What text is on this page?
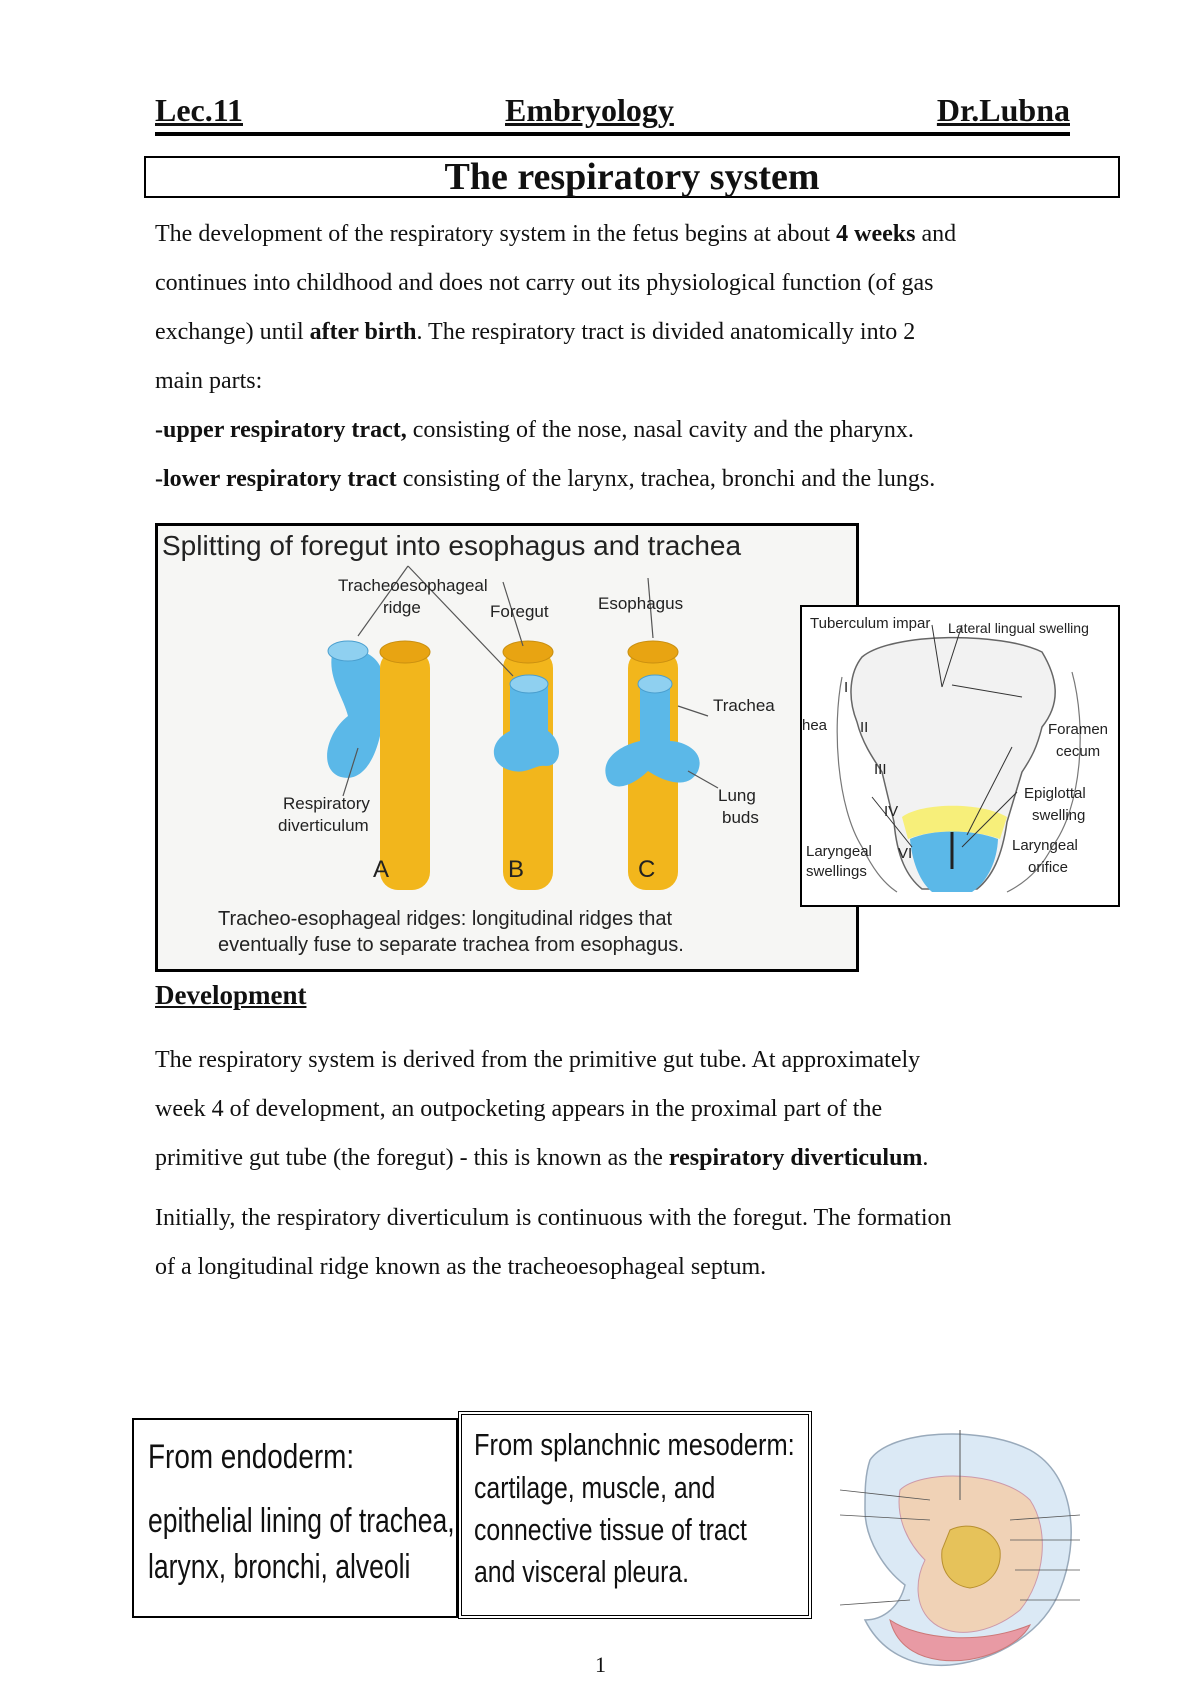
Lec.11	Embryology	Dr.Lubna
The respiratory system
The development of the respiratory system in the fetus begins at about 4 weeks and
continues into childhood and does not carry out its physiological function (of gas
exchange) until after birth. The respiratory tract is divided anatomically into 2
main parts:
-upper respiratory tract, consisting of the nose, nasal cavity and the pharynx.
-lower respiratory tract consisting of the larynx, trachea, bronchi and the lungs.
Splitting of foregut into esophagus and trachea
Tracheoesophageal
ridge	Foregut	Esophagus
Trachea
Respiratory
diverticulum
Lung
buds
A	B	C
Tracheo-esophageal ridges: longitudinal ridges that
eventually fuse to separate trachea from esophagus.
Tuberculum impar Lateral lingual swelling
hea	Foramen
cecum
Epiglottal
swelling
Laryngeal
swellings
Laryngeal
orifice
I
II
III
IV
VI
Development
The respiratory system is derived from the primitive gut tube. At approximately
week 4 of development, an outpocketing appears in the proximal part of the
primitive gut tube (the foregut) - this is known as the respiratory diverticulum.
Initially, the respiratory diverticulum is continuous with the foregut. The formation
of a longitudinal ridge known as the tracheoesophageal septum.
From endoderm:
epithelial lining of trachea,
larynx, bronchi, alveoli
From splanchnic mesoderm:
cartilage, muscle, and
connective tissue of tract
and visceral pleura.
1
